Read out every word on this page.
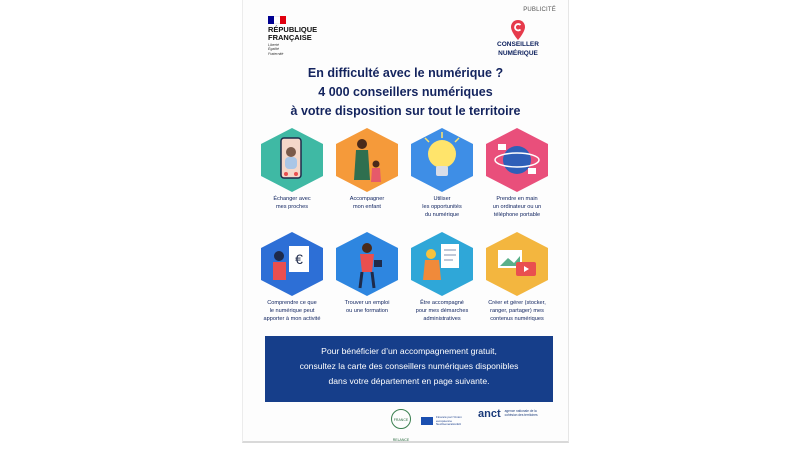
PUBLICITÉ
RÉPUBLIQUE
FRANÇAISE
Liberté
Égalité
Fraternité
CONSEILLER
NUMÉRIQUE
En difficulté avec le numérique ?
4 000 conseillers numériques
à votre disposition sur tout le territoire
Échanger avec
mes proches
Accompagner
mon enfant
Utiliser
les opportunités
du numérique
Prendre en main
un ordinateur ou un
téléphone portable
€
Comprendre ce que
le numérique peut
apporter à mon activité
Trouver un emploi
ou une formation
Être accompagné
pour mes démarches
administratives
Créer et gérer (stocker,
ranger, partager) mes
contenus numériques
Pour bénéficier d’un accompagnement gratuit,
consultez la carte des conseillers numériques disponibles
dans votre département en page suivante.
FRANCE RELANCE
Financé par l’Union européenne NextGenerationEU
anct agence nationale de la cohésion des territoires
